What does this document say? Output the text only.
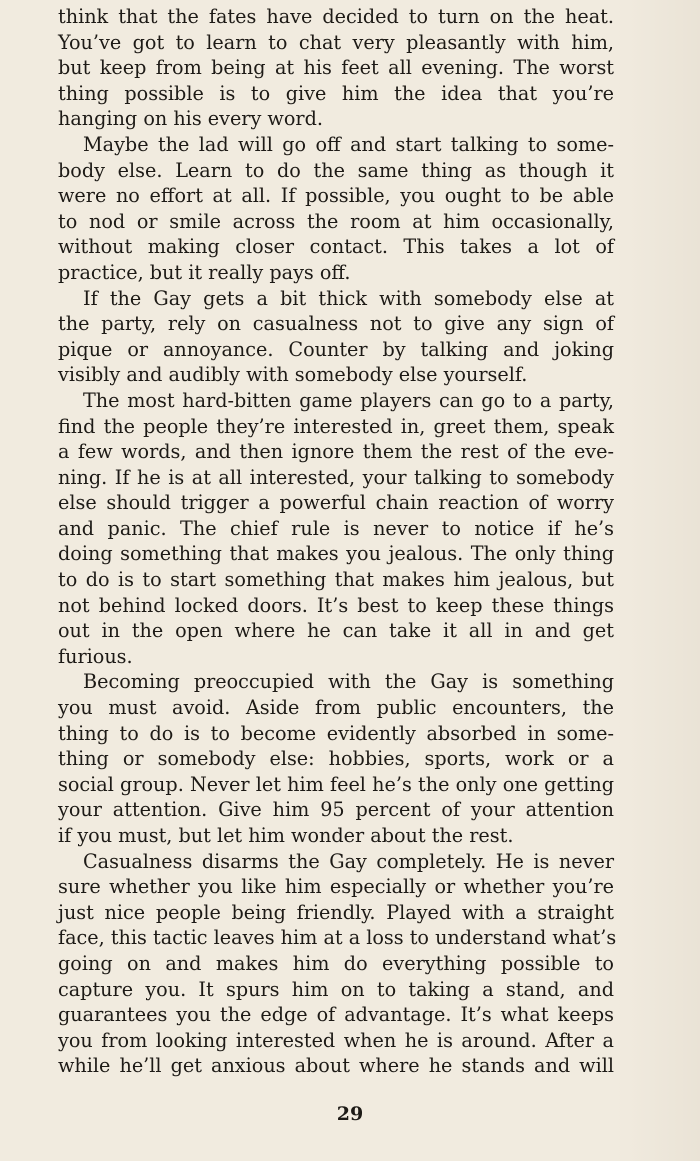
think that the fates have decided to turn on the heat.
You’ve got to learn to chat very pleasantly with him,
but keep from being at his feet all evening. The worst
thing possible is to give him the idea that you’re
hanging on his every word.
Maybe the lad will go off and start talking to some-
body else. Learn to do the same thing as though it
were no effort at all. If possible, you ought to be able
to nod or smile across the room at him occasionally,
without making closer contact. This takes a lot of
practice, but it really pays off.
If the Gay gets a bit thick with somebody else at
the party, rely on casualness not to give any sign of
pique or annoyance. Counter by talking and joking
visibly and audibly with somebody else yourself.
The most hard-bitten game players can go to a party,
find the people they’re interested in, greet them, speak
a few words, and then ignore them the rest of the eve-
ning. If he is at all interested, your talking to somebody
else should trigger a powerful chain reaction of worry
and panic. The chief rule is never to notice if he’s
doing something that makes you jealous. The only thing
to do is to start something that makes him jealous, but
not behind locked doors. It’s best to keep these things
out in the open where he can take it all in and get
furious.
Becoming preoccupied with the Gay is something
you must avoid. Aside from public encounters, the
thing to do is to become evidently absorbed in some-
thing or somebody else: hobbies, sports, work or a
social group. Never let him feel he’s the only one getting
your attention. Give him 95 percent of your attention
if you must, but let him wonder about the rest.
Casualness disarms the Gay completely. He is never
sure whether you like him especially or whether you’re
just nice people being friendly. Played with a straight
face, this tactic leaves him at a loss to understand what’s
going on and makes him do everything possible to
capture you. It spurs him on to taking a stand, and
guarantees you the edge of advantage. It’s what keeps
you from looking interested when he is around. After a
while he’ll get anxious about where he stands and will
29
